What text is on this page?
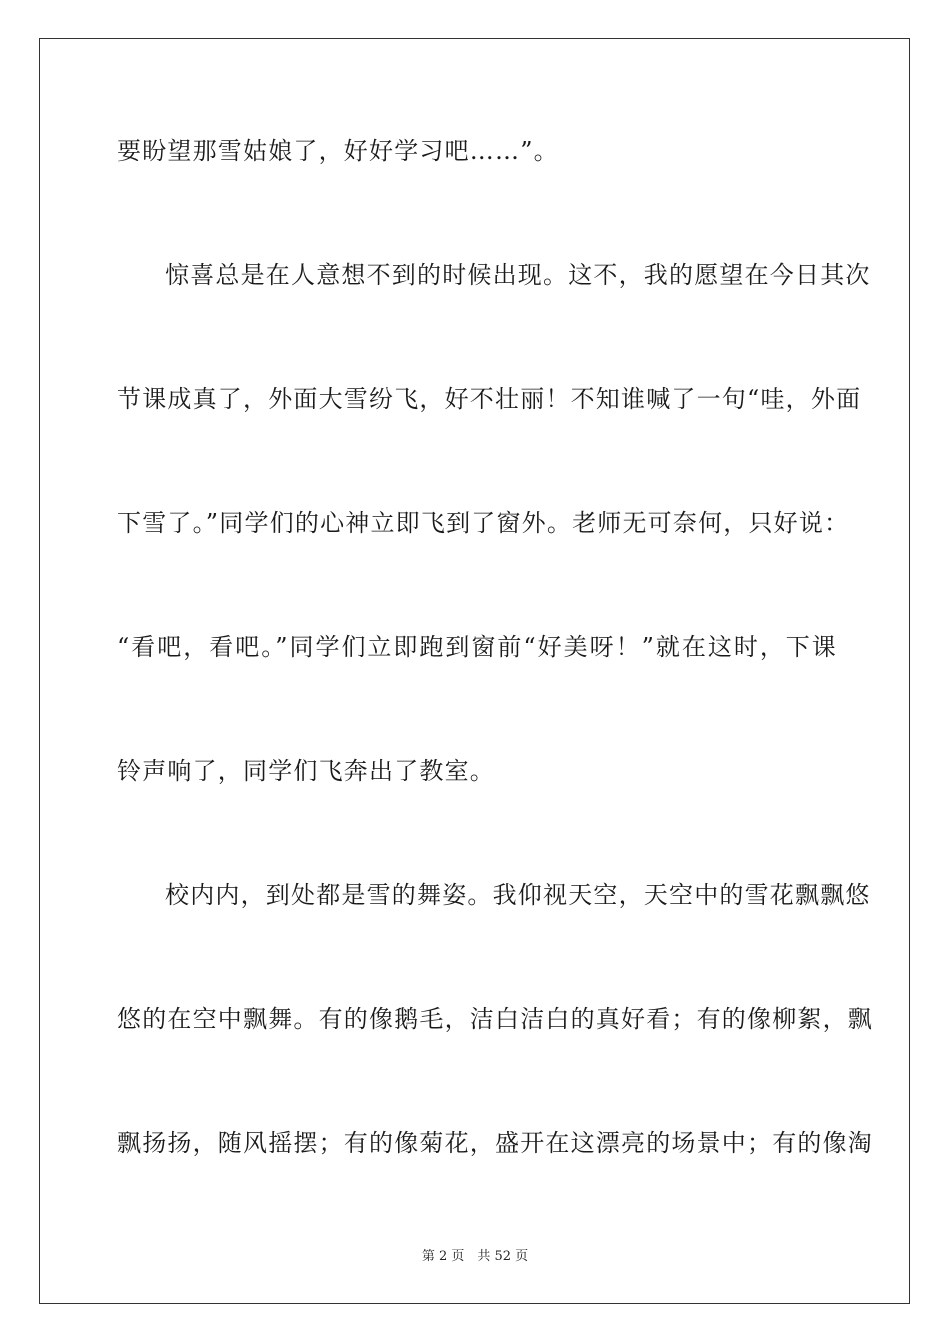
要盼望那雪姑娘了，好好学习吧……”。
惊喜总是在人意想不到的时候出现。这不，我的愿望在今日其次
节课成真了，外面大雪纷飞，好不壮丽！不知谁喊了一句“哇，外面
下雪了。”同学们的心神立即飞到了窗外。老师无可奈何，只好说：
“看吧，看吧。”同学们立即跑到窗前“好美呀！”就在这时，下课
铃声响了，同学们飞奔出了教室。
校内内，到处都是雪的舞姿。我仰视天空，天空中的雪花飘飘悠
悠的在空中飘舞。有的像鹅毛，洁白洁白的真好看；有的像柳絮，飘
飘扬扬，随风摇摆；有的像菊花，盛开在这漂亮的场景中；有的像淘
第 2 页　共 52 页
